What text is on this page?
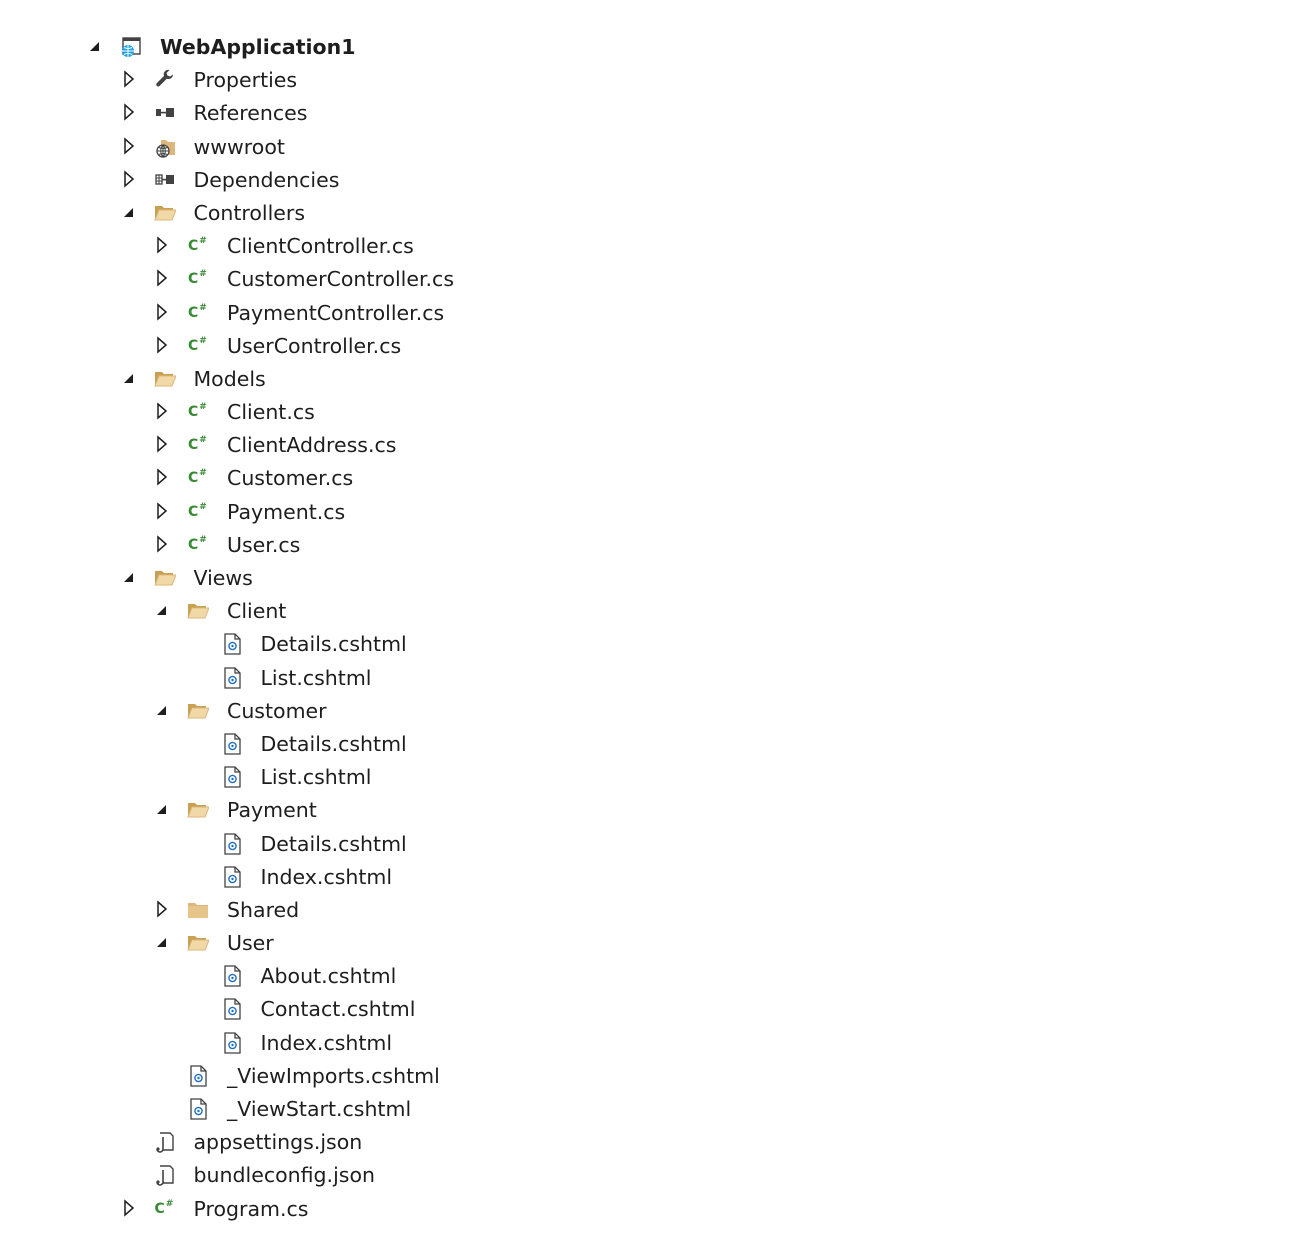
WebApplication1
Properties
References
wwwroot
Dependencies
Controllers
C# ClientController.cs
C# CustomerController.cs
C# PaymentController.cs
C# UserController.cs
Models
C# Client.cs
C# ClientAddress.cs
C# Customer.cs
C# Payment.cs
C# User.cs
Views
Client
Details.cshtml
List.cshtml
Customer
Details.cshtml
List.cshtml
Payment
Details.cshtml
Index.cshtml
Shared
User
About.cshtml
Contact.cshtml
Index.cshtml
_ViewImports.cshtml
_ViewStart.cshtml
appsettings.json
bundleconfig.json
C# Program.cs
